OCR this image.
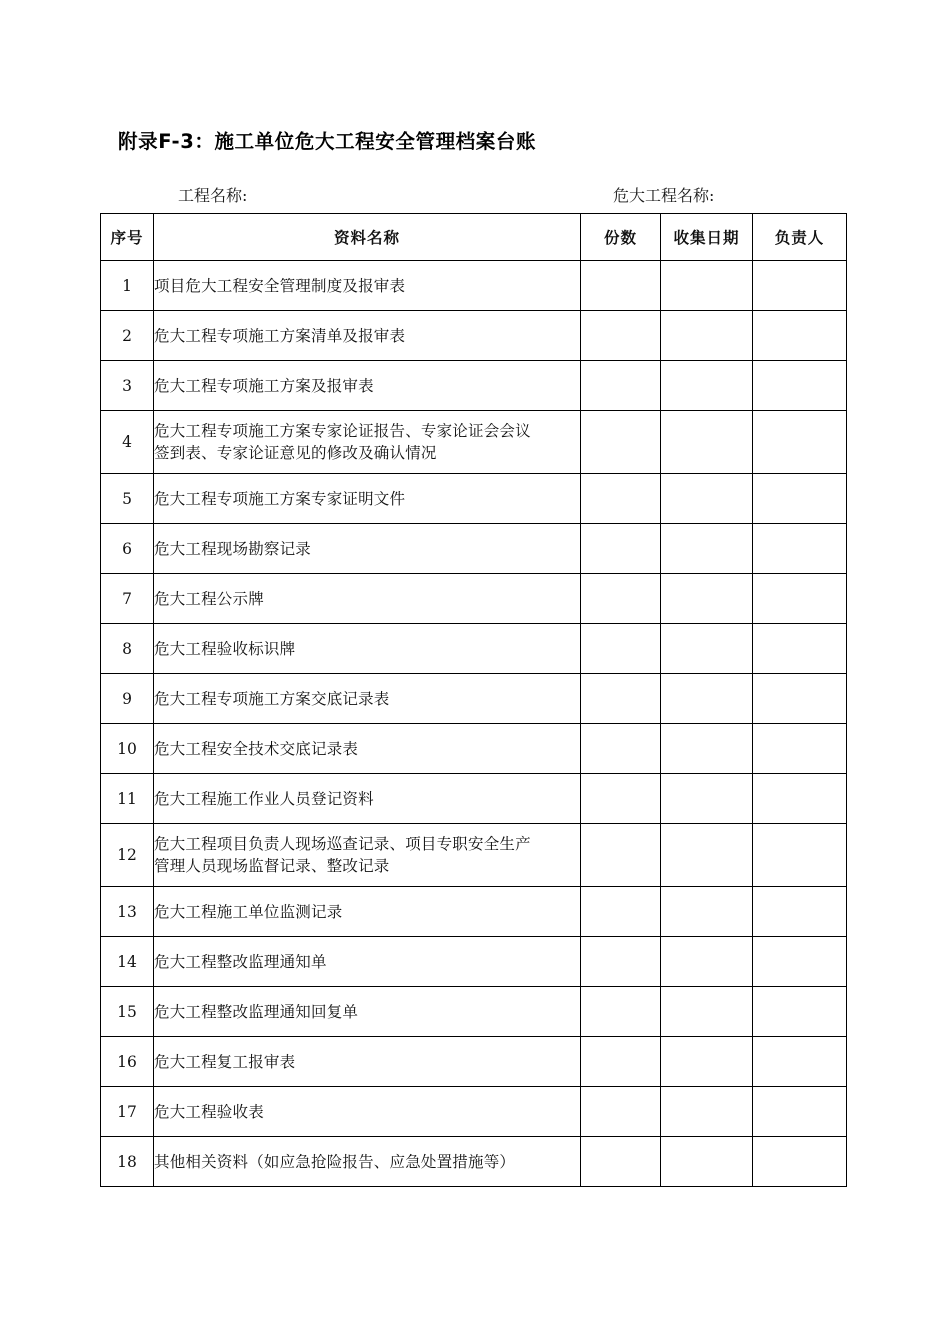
附录F-3：施工单位危大工程安全管理档案台账
工程名称:	危大工程名称:
序号	资料名称	份数	收集日期	负责人
1	项目危大工程安全管理制度及报审表			

2	危大工程专项施工方案清单及报审表			

3	危大工程专项施工方案及报审表			

4	危大工程专项施工方案专家论证报告、专家论证会会议
签到表、专家论证意见的修改及确认情况			

5	危大工程专项施工方案专家证明文件			

6	危大工程现场勘察记录			

7	危大工程公示牌			

8	危大工程验收标识牌			

9	危大工程专项施工方案交底记录表			

10	危大工程安全技术交底记录表			

11	危大工程施工作业人员登记资料			

12	危大工程项目负责人现场巡查记录、项目专职安全生产
管理人员现场监督记录、整改记录			

13	危大工程施工单位监测记录			

14	危大工程整改监理通知单			

15	危大工程整改监理通知回复单			

16	危大工程复工报审表			

17	危大工程验收表			

18	其他相关资料（如应急抢险报告、应急处置措施等）			
